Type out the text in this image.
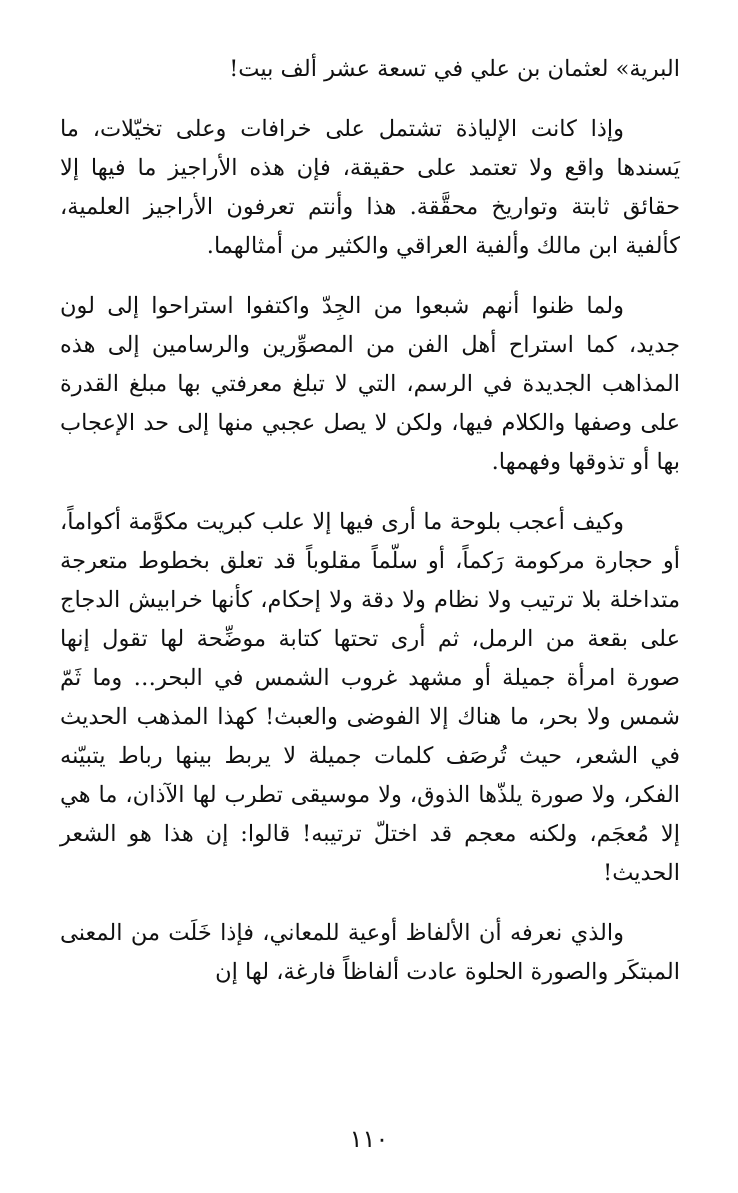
البرية» لعثمان بن علي في تسعة عشر ألف بيت!

وإذا كانت الإلياذة تشتمل على خرافات وعلى تخيّلات، ما يَسندها واقع ولا تعتمد على حقيقة، فإن هذه الأراجيز ما فيها إلا حقائق ثابتة وتواريخ محقَّقة. هذا وأنتم تعرفون الأراجيز العلمية، كألفية ابن مالك وألفية العراقي والكثير من أمثالهما.

ولما ظنوا أنهم شبعوا من الجِدّ واكتفوا استراحوا إلى لون جديد، كما استراح أهل الفن من المصوِّرين والرسامين إلى هذه المذاهب الجديدة في الرسم، التي لا تبلغ معرفتي بها مبلغ القدرة على وصفها والكلام فيها، ولكن لا يصل عجبي منها إلى حد الإعجاب بها أو تذوقها وفهمها.

وكيف أعجب بلوحة ما أرى فيها إلا علب كبريت مكوَّمة أكواماً، أو حجارة مركومة رَكماً، أو سلّماً مقلوباً قد تعلق بخطوط متعرجة متداخلة بلا ترتيب ولا نظام ولا دقة ولا إحكام، كأنها خرابيش الدجاج على بقعة من الرمل، ثم أرى تحتها كتابة موضِّحة لها تقول إنها صورة امرأة جميلة أو مشهد غروب الشمس في البحر… وما ثَمّ شمس ولا بحر، ما هناك إلا الفوضى والعبث! كهذا المذهب الحديث في الشعر، حيث تُرصَف كلمات جميلة لا يربط بينها رباط يتبيّنه الفكر، ولا صورة يلذّها الذوق، ولا موسيقى تطرب لها الآذان، ما هي إلا مُعجَم، ولكنه معجم قد اختلّ ترتيبه! قالوا: إن هذا هو الشعر الحديث!

والذي نعرفه أن الألفاظ أوعية للمعاني، فإذا خَلَت من المعنى المبتكَر والصورة الحلوة عادت ألفاظاً فارغة، لها إن

١١٠
